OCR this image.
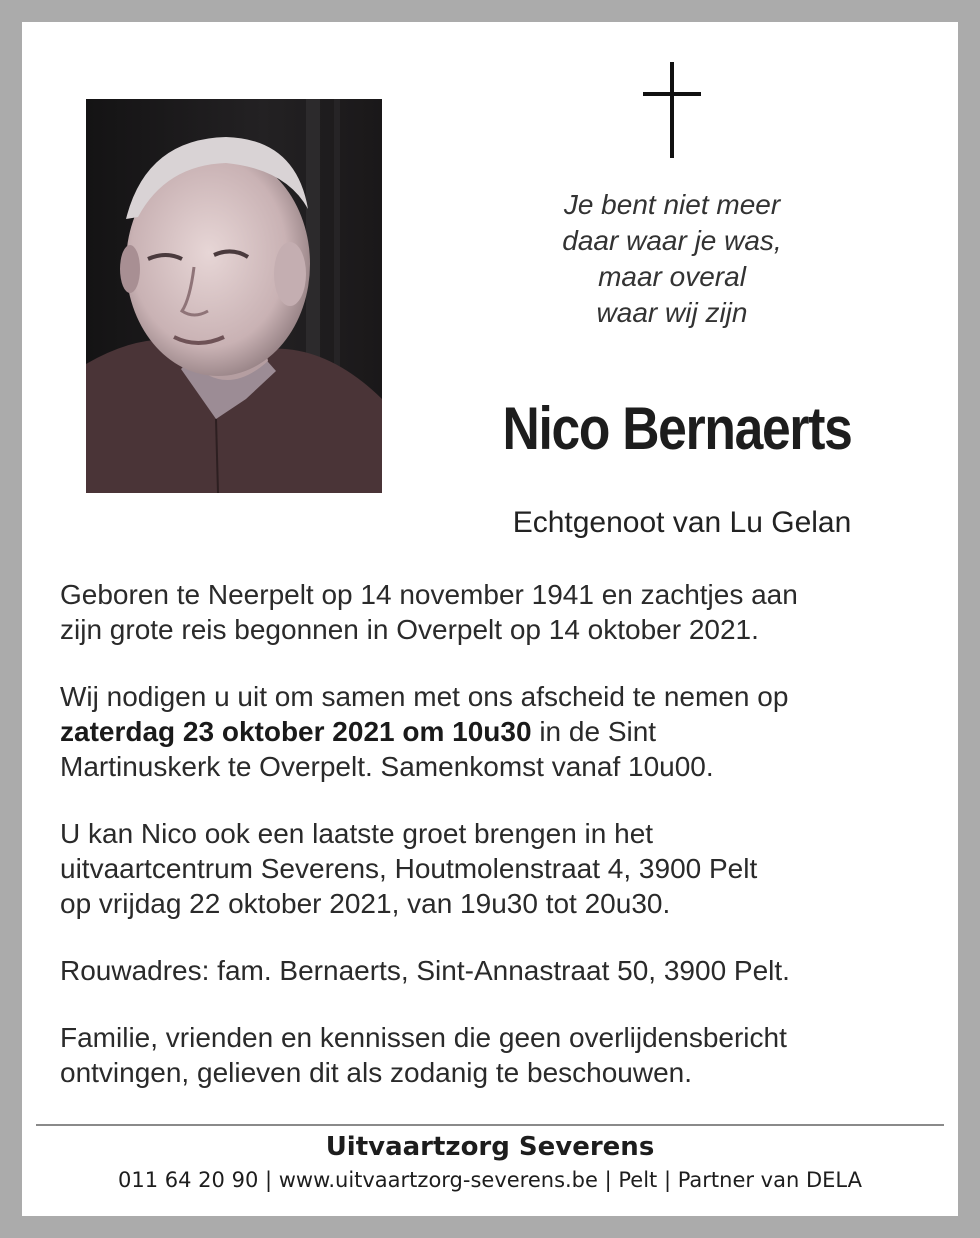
Je bent niet meer
daar waar je was,
maar overal
waar wij zijn
Nico Bernaerts
Echtgenoot van Lu Gelan

Geboren te Neerpelt op 14 november 1941 en zachtjes aan
zijn grote reis begonnen in Overpelt op 14 oktober 2021.

Wij nodigen u uit om samen met ons afscheid te nemen op
zaterdag 23 oktober 2021 om 10u30 in de Sint
Martinuskerk te Overpelt. Samenkomst vanaf 10u00.

U kan Nico ook een laatste groet brengen in het
uitvaartcentrum Severens, Houtmolenstraat 4, 3900 Pelt
op vrijdag 22 oktober 2021, van 19u30 tot 20u30.

Rouwadres: fam. Bernaerts, Sint-Annastraat 50, 3900 Pelt.

Familie, vrienden en kennissen die geen overlijdensbericht
ontvingen, gelieven dit als zodanig te beschouwen.

Uitvaartzorg Severens
011 64 20 90 | www.uitvaartzorg-severens.be | Pelt | Partner van DELA
